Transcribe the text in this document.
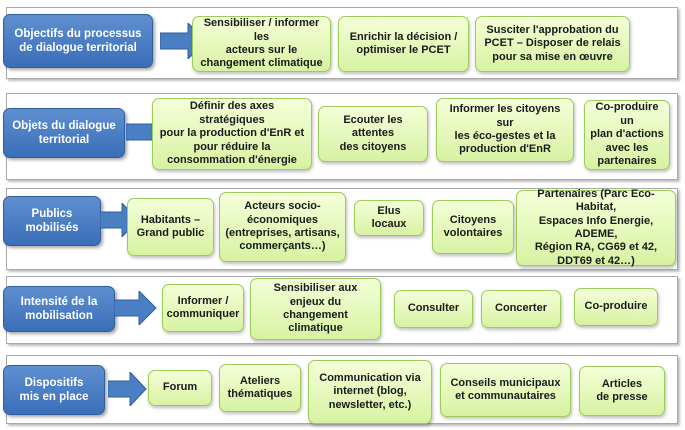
Objectifs du processus
de dialogue territorial
Sensibiliser / informer les
acteurs sur le
changement climatique
Enrichir la décision /
optimiser le PCET
Susciter l'approbation du
PCET – Disposer de relais
pour sa mise en œuvre
Objets du dialogue
territorial
Définir des axes stratégiques
pour la production d'EnR et
pour réduire la
consommation d'énergie
Ecouter les attentes
des citoyens
Informer les citoyens sur
les éco-gestes et la
production d'EnR
Co-produire un
plan d'actions
avec les
partenaires
Publics
mobilisés
Habitants –
Grand public
Acteurs socio-
économiques
(entreprises, artisans,
commerçants…)
Elus locaux	Citoyens
volontaires
Partenaires (Parc Eco-Habitat,
Espaces Info Energie, ADEME,
Région RA, CG69 et 42,
DDT69 et 42…)
Intensité de la
mobilisation
Informer /
communiquer
Sensibiliser aux
enjeux du
changement
climatique
Consulter	Concerter	Co-produire
Dispositifs
mis en place
Forum
Ateliers
thématiques
Communication via
internet (blog,
newsletter, etc.)
Conseils municipaux
et communautaires
Articles
de presse
